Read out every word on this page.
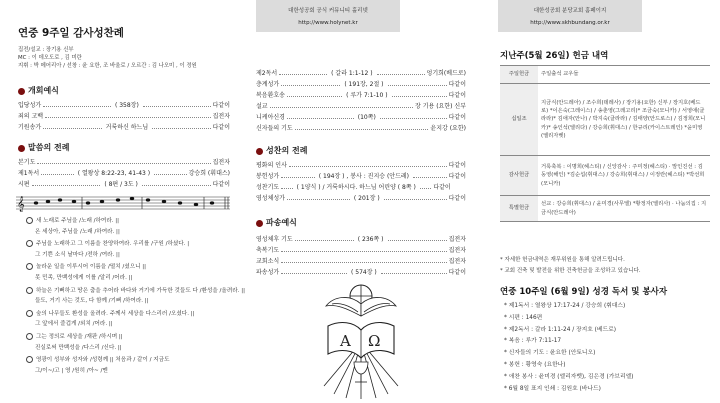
연중 9주일 감사성찬례
집전/설교 : 장기용 신부
MC : 이 데오도로 , 김 미란
지휘 : 박 메어리아 / 선창 : 윤 요한, 조 바울로 / 오르간 : 김 나오미 , 이 정원
개회예식
입당성가	( 358장)	다같이
죄의 고백	집전자
기원송가	거룩하신 하느님	다같이
말씀의 전례
본기도	집전자
제1독서	( 열왕상 8:22-23, 41-43 )	강승희 (휘대스)
시편	( 8편 / 3도 )	다같이
𝄞
새 노래로 주님을 /노래 /하여라. ||
온 세상아, 주님을 /노래 /하여라. ||
주님을 노래하고 그 이름을 찬양하여라. 우리를 /구원 /하셨다. |
그 기쁜 소식 날마다 /전하 /여라. ||
놀라운 일을 이루시어 이름을 /떨치 /셨으니 ||
못 민족, 만백성에게 이를 /알리 /어라. ||
하늘은 기뻐하고 땅은 춤을 추어라 바다와 거기에 가득한 것들도 다 /환성을 /올려라. ||
들도, 거기 사는 것도, 다 함께 /기뻐 /하여라. ||
숲의 나무들도 환성을 올려라. 주께서 세상을 다스리러 /오셨다. ||
그 앞에서 즐겁게 /외치 /어라. ||
그는 정의로 세상을 /재판 /하시며 ||
진실로써 만백성을 /다스리 /신다. ||
영광이 성부와 성자와 /성령께 || 처음과 / 같이 / 지금도
그/이~/고 | 영 /원히 /아~ /멘
대한성공회 공식 커뮤니티 홀리넷
http://www.holynet.kr
제2독서	( 갈라 1:1-12 )	엉기희(베드로)
층계성가	( 191장, 2절 )	다같이
복음환호송	( 루가 7:1-10 )	다같이
설교	장 기용 (요한) 신부
니케아신경	(10쪽)	다같이
신자들의 기도	윤지강 (요한)
성찬의 전례
평화의 인사	다같이
봉헌성가	( 194장 ) , 봉사 : 진지승 (안드레)	다같이
성찬기도	( 1양식 ) / 거룩하시다. 하느님 어린양 ( 8쪽 )	다같이
영성체성가	( 201장 )	다같이
파송예식
영성체후 기도	( 236쪽 )	집전자
축복기도	집전자
교회소식	집전자
파송성가	( 574장 )	다같이
A Ω
대한성공회 분당교회 홈페이지
http://www.skhbundang.or.kr
지난주(5월 26일) 헌금 내역
주일헌금	주일출석 교우들
십일조	지금식(안드레아) / 조수희(데레사) / 장기용(요한) 신부 / 장지호(베드로) *이은숙(그레이스) / 송춘영(그레고리)* 조금숙(모니카) / 서영애(클라라)* 김애자(안나) / 박지숙(클라라) / 김태양(안드로스) / 김정희(모니카)* 송인석(엘리다) / 강승희(휘대스) / 한규리(카이스트레인) *윤미영(엘리자벳)
감사헌금	거룩축복 : 이명희(헤스티) / 신앙감사 : 주미정(헤스티) · 맘인진선 : 김동영(해인) *김순섭(휘대스) / 강승희(휘대스) / 이정란(헤스티) *박선희(모니카)
특별헌금	선교 : 강승희(휘대스) / 윤미경(사무엘) *황정자(엘리사) · 나눔의집 : 지금식(안드레아)
* 자세한 헌금내역은 재무위원을 통해 알려드립니다.
* 교회 건축 및 발전을 위한 건축헌금을 조성하고 있습니다.
연중 10주일 (6월 9일) 성경 독서 및 봉사자
* 제1독서 : 열왕상 17:17-24 / 강승희 (휘대스)
* 시편 : 146편
* 제2독서 : 갈라 1:11-24 / 장지호 (베드로)
* 복음 : 루가 7:11-17
* 신자들의 기도 : 윤요한 (안토니오)
* 봉헌 : 황영숙 (요한나)
* 애찬 봉사 : 윤미경 (엘리자벳), 김은경 (가브리엘)
* 6월 8일 표지 인쇄 : 김원호 (바나드)
